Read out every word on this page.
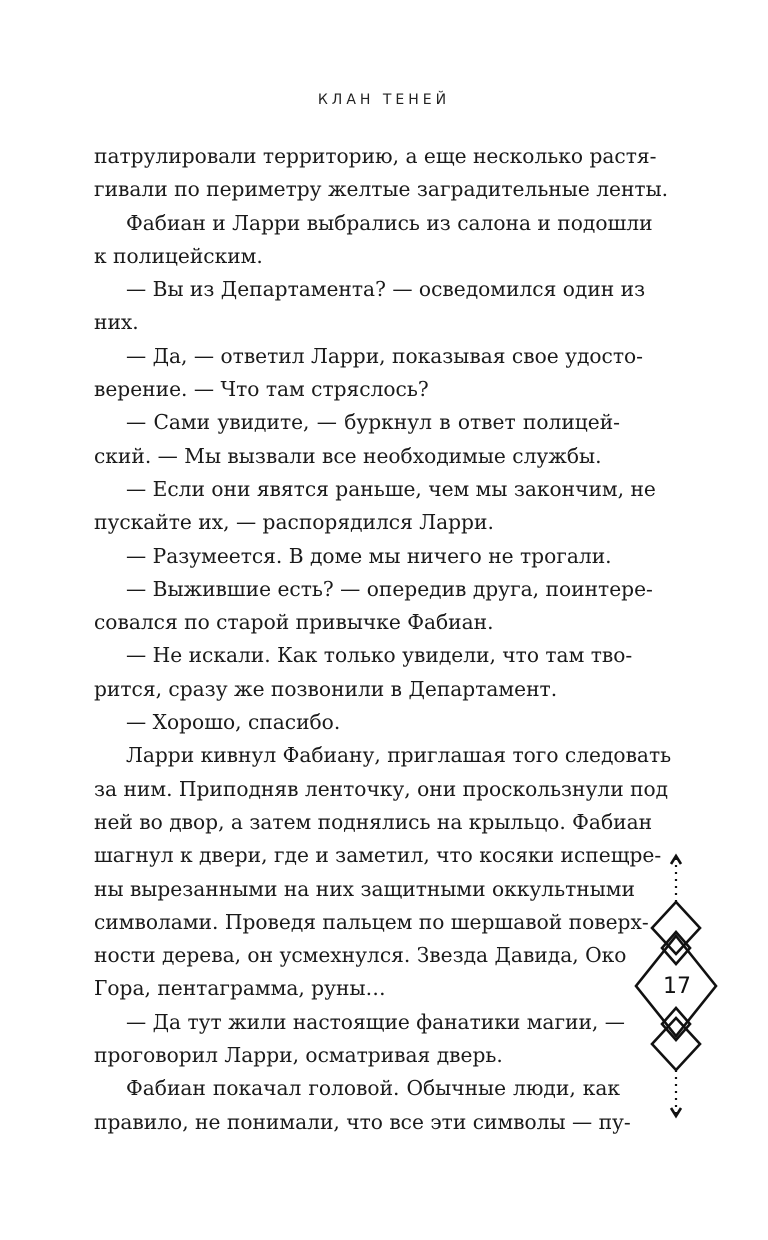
КЛАН ТЕНЕЙ
патрулировали территорию, а еще несколько растя-
гивали по периметру желтые заградительные ленты.
Фабиан и Ларри выбрались из салона и подошли
к полицейским.
— Вы из Департамента? — осведомился один из
них.
— Да, — ответил Ларри, показывая свое удосто-
верение. — Что там стряслось?
— Сами увидите, — буркнул в ответ полицей-
ский. — Мы вызвали все необходимые службы.
— Если они явятся раньше, чем мы закончим, не
пускайте их, — распорядился Ларри.
— Разумеется. В доме мы ничего не трогали.
— Выжившие есть? — опередив друга, поинтере-
совался по старой привычке Фабиан.
— Не искали. Как только увидели, что там тво-
рится, сразу же позвонили в Департамент.
— Хорошо, спасибо.
Ларри кивнул Фабиану, приглашая того следовать
за ним. Приподняв ленточку, они проскользнули под
ней во двор, а затем поднялись на крыльцо. Фабиан
шагнул к двери, где и заметил, что косяки испещре-
ны вырезанными на них защитными оккультными
символами. Проведя пальцем по шершавой поверх-
ности дерева, он усмехнулся. Звезда Давида, Око
Гора, пентаграмма, руны…
— Да тут жили настоящие фанатики магии, —
проговорил Ларри, осматривая дверь.
Фабиан покачал головой. Обычные люди, как
правило, не понимали, что все эти символы — пу-
17
